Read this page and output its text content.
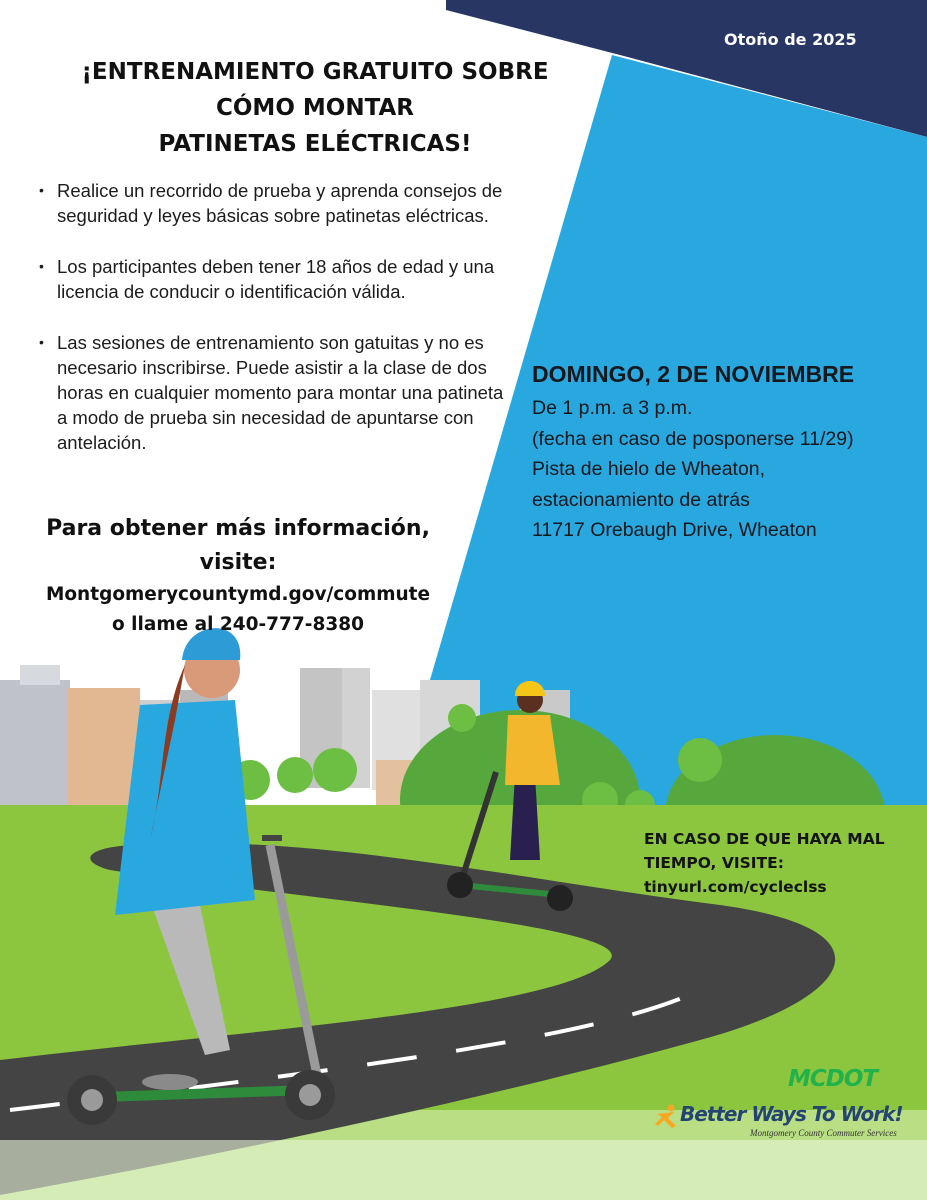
Otoño de 2025
¡ENTRENAMIENTO GRATUITO SOBRE
CÓMO MONTAR
PATINETAS ELÉCTRICAS!
• Realice un recorrido de prueba y aprenda consejos de seguridad y leyes básicas sobre patinetas eléctricas.
• Los participantes deben tener 18 años de edad y una licencia de conducir o identificación válida.
• Las sesiones de entrenamiento son gatuitas y no es necesario inscribirse. Puede asistir a la clase de dos horas en cualquier momento para montar una patineta a modo de prueba sin necesidad de apuntarse con antelación.
Para obtener más información, visite:
Montgomerycountymd.gov/commute
o llame al 240-777-8380
DOMINGO, 2 DE NOVIEMBRE
De 1 p.m. a 3 p.m.
(fecha en caso de posponerse 11/29)
Pista de hielo de Wheaton,
estacionamiento de atrás
11717 Orebaugh Drive, Wheaton
EN CASO DE QUE HAYA MAL
TIEMPO, VISITE:
tinyurl.com/cycleclss
MCDOT
Better Ways To Work!
Montgomery County Commuter Services
